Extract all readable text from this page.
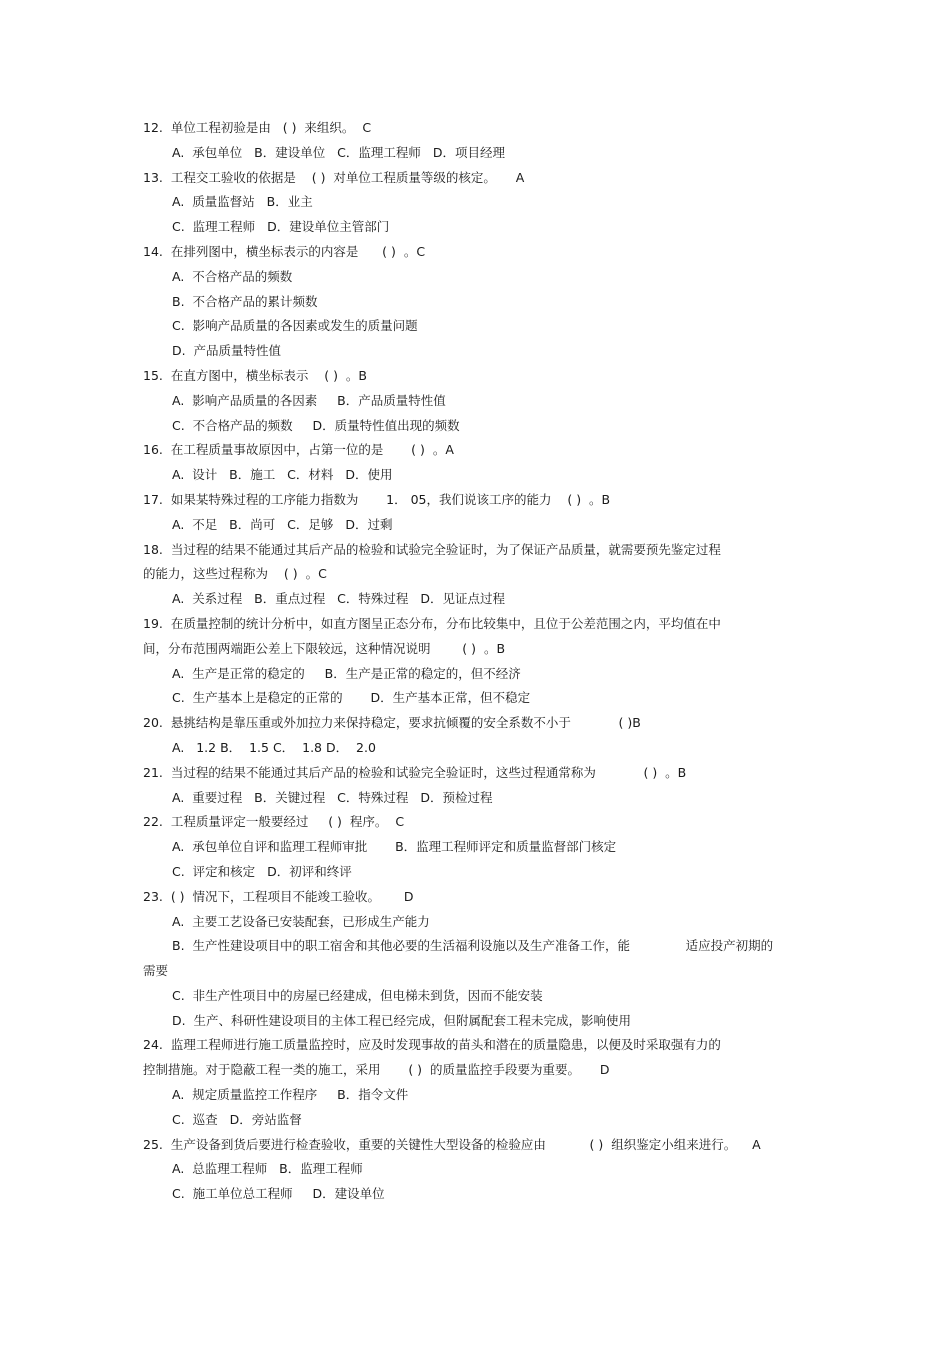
12.  单位工程初验是由   ( )  来组织。  C
A.  承包单位   B．建设单位   C．监理工程师   D．项目经理
13.  工程交工验收的依据是    ( )  对单位工程质量等级的核定。     A
A.  质量监督站   B．业主
C.  监理工程师   D．建设单位主管部门
14.  在排列图中，横坐标表示的内容是      ( )  。C
A.  不合格产品的频数
B.  不合格产品的累计频数
C.  影响产品质量的各因素或发生的质量问题
D.  产品质量特性值
15.  在直方图中，横坐标表示    ( )  。B
A.  影响产品质量的各因素     B．产品质量特性值
C.  不合格产品的频数     D．质量特性值出现的频数
16.  在工程质量事故原因中，占第一位的是       ( )  。A
A.  设计   B．施工   C．材料   D．使用
17.  如果某特殊过程的工序能力指数为       1． 05，我们说该工序的能力    ( )  。B
A.  不足   B．尚可   C．足够   D．过剩
18.  当过程的结果不能通过其后产品的检验和试验完全验证时，为了保证产品质量，就需要预先鉴定过程
的能力，这些过程称为    ( )  。C
A.  关系过程   B．重点过程   C．特殊过程   D．见证点过程
19.  在质量控制的统计分析中，如直方图呈正态分布，分布比较集中，且位于公差范围之内，平均值在中
间，分布范围两端距公差上下限较远，这种情况说明        ( )  。B
A.  生产是正常的稳定的     B．生产是正常的稳定的，但不经济
C.  生产基本上是稳定的正常的       D．生产基本正常，但不稳定
20.  悬挑结构是靠压重或外加拉力来保持稳定，要求抗倾覆的安全系数不小于            ( )B
A.   1.2 B．  1.5 C．  1.8 D．  2.0
21.  当过程的结果不能通过其后产品的检验和试验完全验证时，这些过程通常称为            ( )  。B
A.  重要过程   B．关键过程   C．特殊过程   D．预检过程
22.  工程质量评定一般要经过     ( )  程序。  C
A.  承包单位自评和监理工程师审批       B．监理工程师评定和质量监督部门核定
C.  评定和核定   D．初评和终评
23.  ( )  情况下，工程项目不能竣工验收。      D
A.  主要工艺设备已安装配套，已形成生产能力
B.  生产性建设项目中的职工宿舍和其他必要的生活福利设施以及生产准备工作，能              适应投产初期的
需要
C.  非生产性项目中的房屋已经建成，但电梯未到货，因而不能安装
D.  生产、科研性建设项目的主体工程已经完成，但附属配套工程未完成，影响使用
24.  监理工程师进行施工质量监控时，应及时发现事故的苗头和潜在的质量隐患，以便及时采取强有力的
控制措施。对于隐蔽工程一类的施工，采用       ( )  的质量监控手段要为重要。     D
A.  规定质量监控工作程序     B．指令文件
C.  巡查   D．旁站监督
25.  生产设备到货后要进行检查验收，重要的关键性大型设备的检验应由           ( )  组织鉴定小组来进行。    A
A.  总监理工程师   B．监理工程师
C.  施工单位总工程师     D．建设单位
